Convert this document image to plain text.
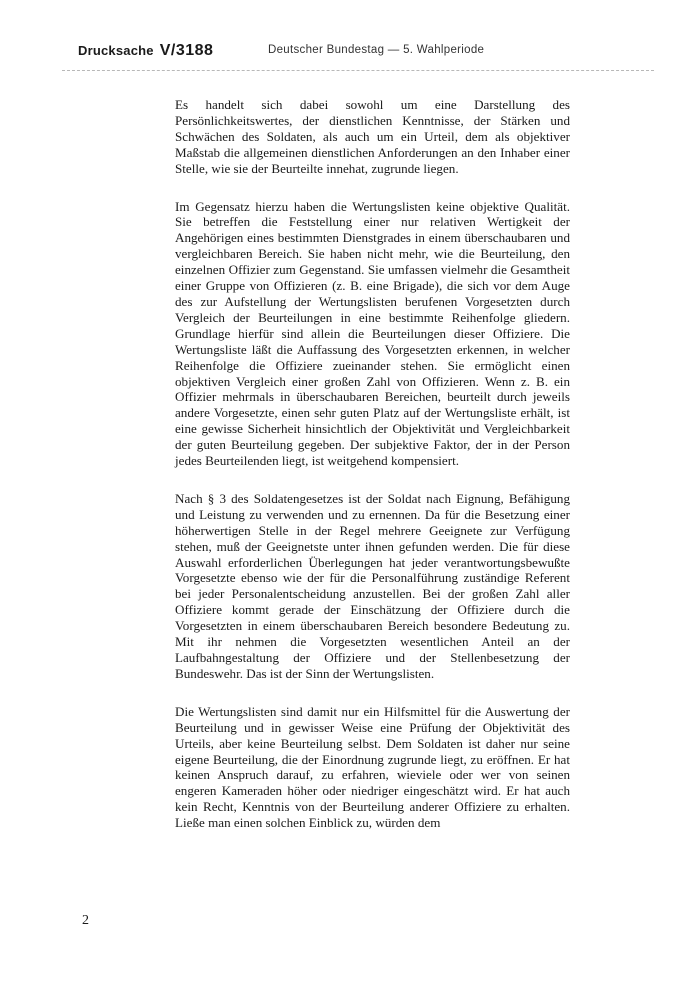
Drucksache V/3188	Deutscher Bundestag — 5. Wahlperiode

Es handelt sich dabei sowohl um eine Darstellung des Persönlichkeitswertes, der dienstlichen Kenntnisse, der Stärken und Schwächen des Soldaten, als auch um ein Urteil, dem als objektiver Maßstab die allgemeinen dienstlichen Anforderungen an den Inhaber einer Stelle, wie sie der Beurteilte innehat, zugrunde liegen.

Im Gegensatz hierzu haben die Wertungslisten keine objektive Qualität. Sie betreffen die Feststellung einer nur relativen Wertigkeit der Angehörigen eines bestimmten Dienstgrades in einem überschaubaren und vergleichbaren Bereich. Sie haben nicht mehr, wie die Beurteilung, den einzelnen Offizier zum Gegenstand. Sie umfassen vielmehr die Gesamtheit einer Gruppe von Offizieren (z. B. eine Brigade), die sich vor dem Auge des zur Aufstellung der Wertungslisten berufenen Vorgesetzten durch Vergleich der Beurteilungen in eine bestimmte Reihenfolge gliedern. Grundlage hierfür sind allein die Beurteilungen dieser Offiziere. Die Wertungsliste läßt die Auffassung des Vorgesetzten erkennen, in welcher Reihenfolge die Offiziere zueinander stehen. Sie ermöglicht einen objektiven Vergleich einer großen Zahl von Offizieren. Wenn z. B. ein Offizier mehrmals in überschaubaren Bereichen, beurteilt durch jeweils andere Vorgesetzte, einen sehr guten Platz auf der Wertungsliste erhält, ist eine gewisse Sicherheit hinsichtlich der Objektivität und Vergleichbarkeit der guten Beurteilung gegeben. Der subjektive Faktor, der in der Person jedes Beurteilenden liegt, ist weitgehend kompensiert.

Nach § 3 des Soldatengesetzes ist der Soldat nach Eignung, Befähigung und Leistung zu verwenden und zu ernennen. Da für die Besetzung einer höherwertigen Stelle in der Regel mehrere Geeignete zur Verfügung stehen, muß der Geeignetste unter ihnen gefunden werden. Die für diese Auswahl erforderlichen Überlegungen hat jeder verantwortungsbewußte Vorgesetzte ebenso wie der für die Personalführung zuständige Referent bei jeder Personalentscheidung anzustellen. Bei der großen Zahl aller Offiziere kommt gerade der Einschätzung der Offiziere durch die Vorgesetzten in einem überschaubaren Bereich besondere Bedeutung zu. Mit ihr nehmen die Vorgesetzten wesentlichen Anteil an der Laufbahngestaltung der Offiziere und der Stellenbesetzung der Bundeswehr. Das ist der Sinn der Wertungslisten.

Die Wertungslisten sind damit nur ein Hilfsmittel für die Auswertung der Beurteilung und in gewisser Weise eine Prüfung der Objektivität des Urteils, aber keine Beurteilung selbst. Dem Soldaten ist daher nur seine eigene Beurteilung, die der Einordnung zugrunde liegt, zu eröffnen. Er hat keinen Anspruch darauf, zu erfahren, wieviele oder wer von seinen engeren Kameraden höher oder niedriger eingeschätzt wird. Er hat auch kein Recht, Kenntnis von der Beurteilung anderer Offiziere zu erhalten. Ließe man einen solchen Einblick zu, würden dem

2
